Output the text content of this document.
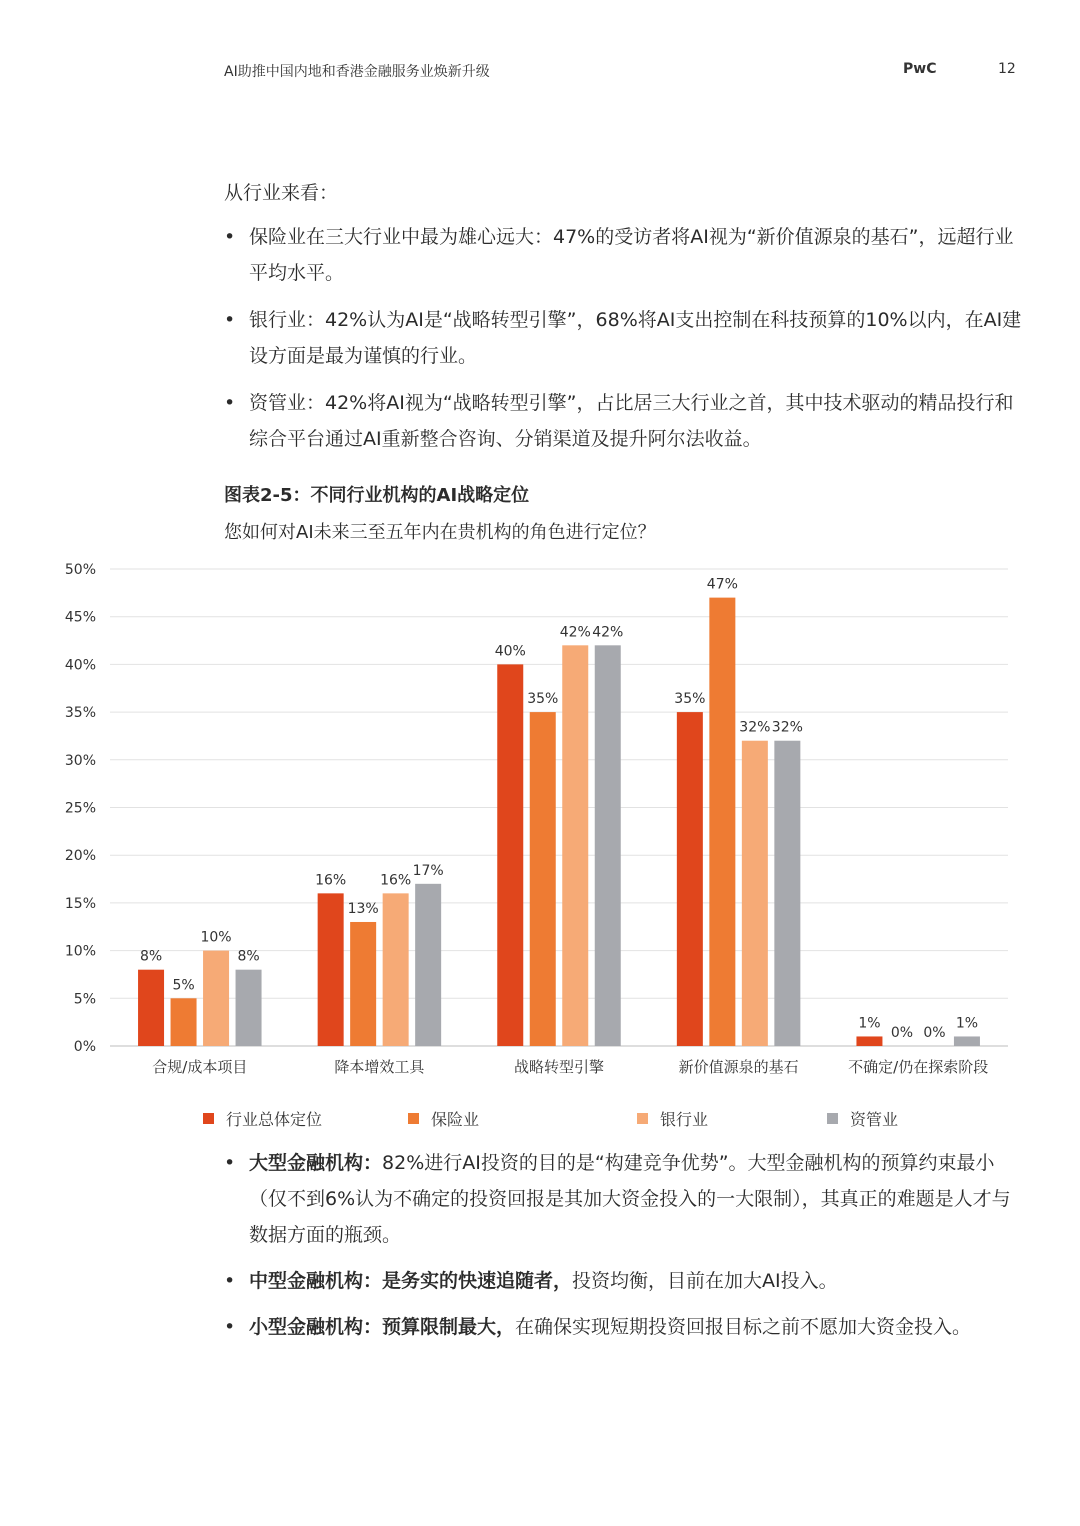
AI助推中国内地和香港金融服务业焕新升级	PwC	12
从行业来看：
• 保险业在三大行业中最为雄心远大：47%的受访者将AI视为“新价值源泉的基石”，远超行业平均水平。
• 银行业：42%认为AI是“战略转型引擎”，68%将AI支出控制在科技预算的10%以内，在AI建设方面是最为谨慎的行业。
• 资管业：42%将AI视为“战略转型引擎”，占比居三大行业之首，其中技术驱动的精品投行和综合平台通过AI重新整合咨询、分销渠道及提升阿尔法收益。
图表2-5：不同行业机构的AI战略定位
您如何对AI未来三至五年内在贵机构的角色进行定位？
0%
5%
10%
15%
20%
25%
30%
35%
40%
45%
50%
8%
5%
10%
8%
合规/成本项目
16%
13%
16%
17%
降本增效工具
40%
35%
42% 42%
战略转型引擎
35%
47%
32% 32%
新价值源泉的基石
1%
0% 0%
1%
不确定/仍在探索阶段
行业总体定位	保险业	银行业	资管业
• 大型金融机构：82%进行AI投资的目的是“构建竞争优势”。大型金融机构的预算约束最小（仅不到6%认为不确定的投资回报是其加大资金投入的一大限制），其真正的难题是人才与数据方面的瓶颈。
• 中型金融机构：是务实的快速追随者，投资均衡，目前在加大AI投入。
• 小型金融机构：预算限制最大，在确保实现短期投资回报目标之前不愿加大资金投入。
